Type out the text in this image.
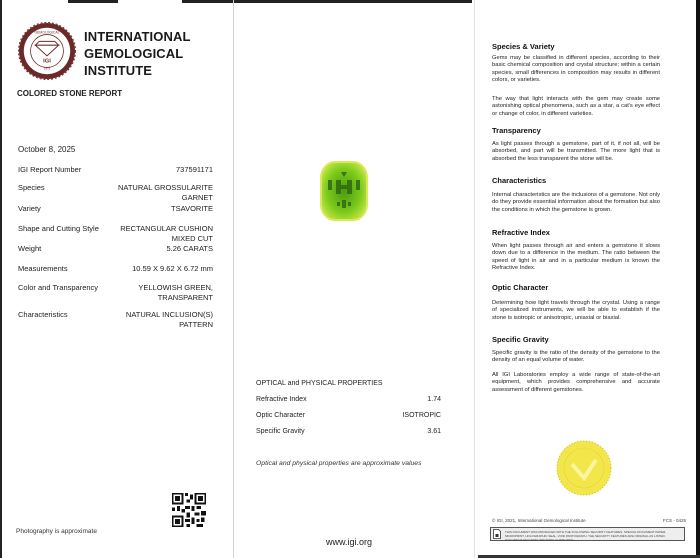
GEMOLOGICAL
IGI
1975
INTERNATIONAL
GEMOLOGICAL
INSTITUTE
COLORED STONE REPORT
October 8, 2025
IGI Report Number	737591171
Species	NATURAL GROSSULARITE
GARNET
Variety	TSAVORITE
Shape and Cutting Style	RECTANGULAR CUSHION
MIXED CUT
Weight	5.26 CARATS
Measurements	10.59 X 9.62 X 6.72 mm
Color and Transparency	YELLOWISH GREEN,
TRANSPARENT
Characteristics	NATURAL INCLUSION(S)
PATTERN
Photography is approximate
OPTICAL and PHYSICAL PROPERTIES
Refractive Index	1.74
Optic Character	ISOTROPIC
Specific Gravity	3.61
Optical and physical properties are approximate values
www.igi.org
Species & Variety
Gems may be classified in different species, according to their basic chemical composition and crystal structure; within a certain species, small differences in composition may results in different colors, or varieties.
The way that light interacts with the gem may create some astonishing optical phenomena, such as a star, a cat's eye effect or change of color, in different varieties.
Transparency
As light passes through a gemstone, part of it, if not all, will be absorbed, and part will be transmitted. The more light that is absorbed the less transparent the stone will be.
Characteristics
Internal characteristics are the inclusions of a gemstone. Not only do they provide essential information about the formation but also the conditions in which the gemstone is grown.
Refractive Index
When light passes through air and enters a gemstone it slows down due to a difference in the medium. The ratio between the speed of light in air and in a particular medium is known the Refractive Index.
Optic Character
Determining how light travels through the crystal. Using a range of specialized instruments, we will be able to establish if the stone is isotropic or anisotropic, uniaxial or biaxial.
Specific Gravity
Specific gravity is the ratio of the density of the gemstone to the density of an equal volume of water.
All IGI Laboratories employ a wide range of state-of-the-art equipment, which provides comprehensive and accurate assessment of different gemstones.
© IGI, 2021, International Gemological Institute	FCS - 0425
THIS DOCUMENT WAS PRODUCED WITH THE FOLLOWING SECURITY FEATURES: SPECIAL DOCUMENT PAPER, MICROPRINT, HOLOGRAPHIC SEAL, VOID PANTOGRAPH. THE SECURITY FEATURES ARE ORIGINAL AS LISTED. DOCUMENT SECURITY INDUSTRY GUIDELINES.
